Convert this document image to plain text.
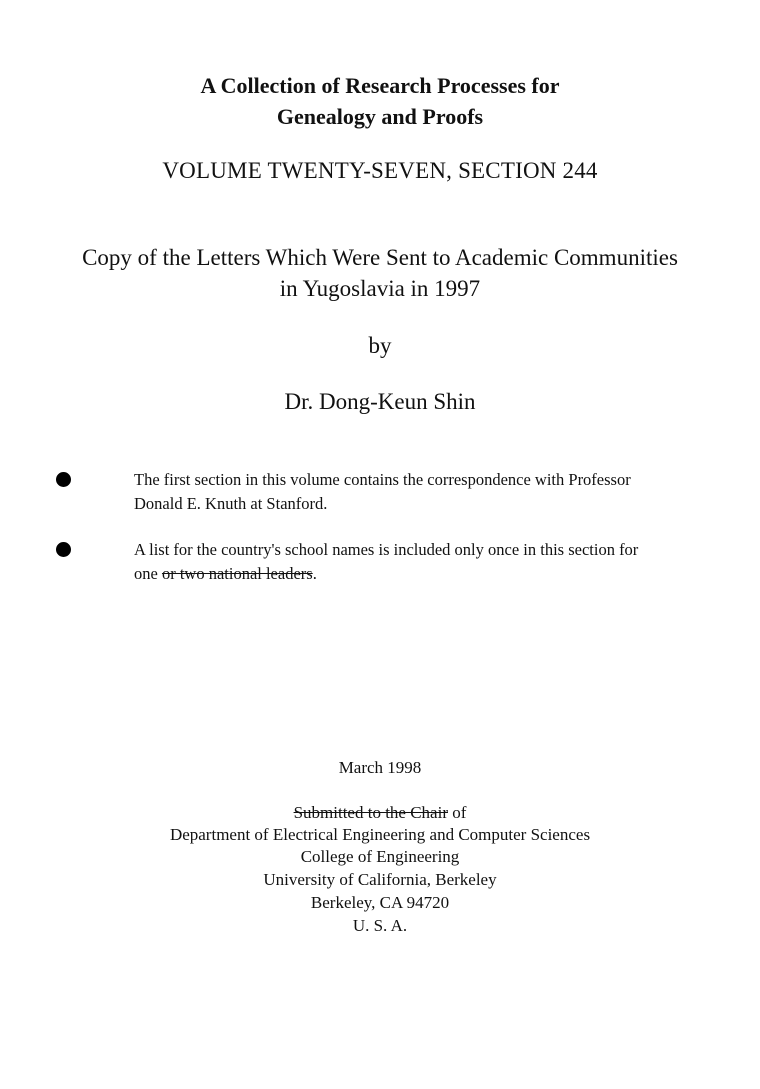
A Collection of Research Processes for
Genealogy and Proofs
VOLUME TWENTY-SEVEN, SECTION 244
Copy of the Letters Which Were Sent to Academic Communities
in Yugoslavia in 1997
by
Dr. Dong-Keun Shin
The first section in this volume contains the correspondence with Professor
Donald E. Knuth at Stanford.
A list for the country's school names is included only once in this section for
one or two national leaders.
March 1998
Submitted to the Chair of
Department of Electrical Engineering and Computer Sciences
College of Engineering
University of California, Berkeley
Berkeley, CA 94720
U. S. A.
